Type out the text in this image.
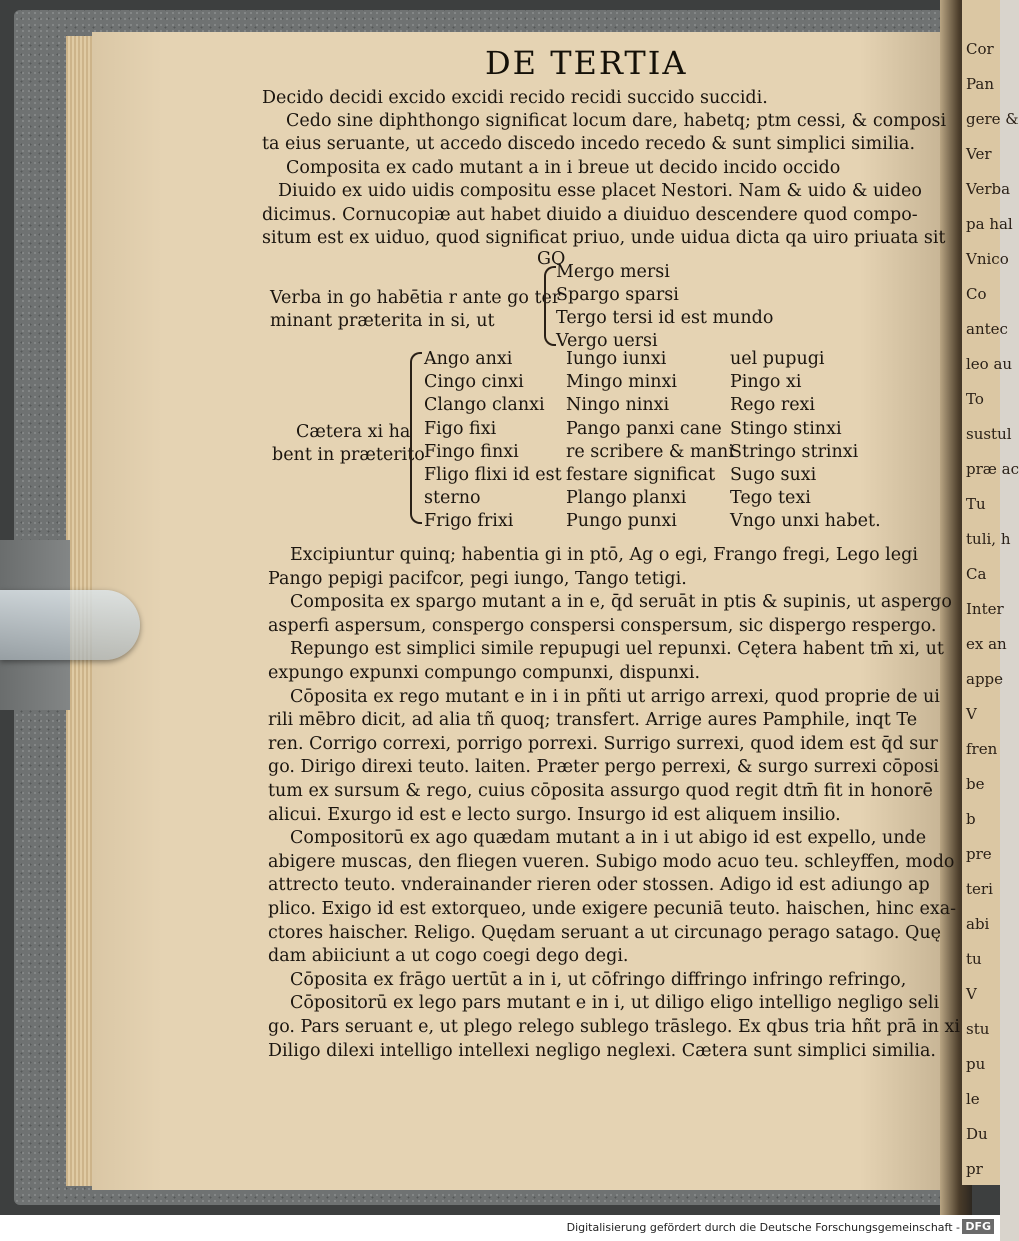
Cor
Pan
gere &
Ver
Verba
pa hal
Vnico
Co
antec
leo au
To
sustul
præ ac
Tu
tuli, h
Ca
Inter
ex an
appe
V
fren
be
b
pre
teri
abi
tu
V
stu
pu
le
Du
pr
DE TERTIA
Decido decidi excido excidi recido recidi succido succidi.
Cedo sine diphthongo significat locum dare, habetq; ptm cessi, & composi
ta eius seruante, ut accedo discedo incedo recedo & sunt simplici similia.
Composita ex cado mutant a in i breue ut decido incido occido
Diuido ex uido uidis compositu esse placet Nestori. Nam & uido & uideo
dicimus. Cornucopiæ aut habet diuido a diuiduo descendere quod compo-
situm est ex uiduo, quod significat priuo, unde uidua dicta qa uiro priuata sit
GO
Verba in go habētia r ante go ter
minant præterita in si, ut
Mergo mersi
Spargo sparsi
Tergo tersi id est mundo
Vergo uersi
Cætera xi ha
bent in præterito
Ango anxi
Cingo cinxi
Clango clanxi
Figo fixi
Fingo finxi
Fligo flixi id est
sterno
Frigo frixi
Iungo iunxi
Mingo minxi
Ningo ninxi
Pango panxi cane
re scribere & mani
festare significat
Plango planxi
Pungo punxi
uel pupugi
Pingo xi
Rego rexi
Stingo stinxi
Stringo strinxi
Sugo suxi
Tego texi
Vngo unxi habet.
Excipiuntur quinq; habentia gi in ptō, Ag o egi, Frango fregi, Lego legi
Pango pepigi pacifcor, pegi iungo, Tango tetigi.
Composita ex spargo mutant a in e, q̄d seruāt in ptis & supinis, ut aspergo
asperfi aspersum, conspergo conspersi conspersum, sic dispergo respergo.
Repungo est simplici simile repupugi uel repunxi. Cętera habent tm̄ xi, ut
expungo expunxi compungo compunxi, dispunxi.
Cōposita ex rego mutant e in i in pñti ut arrigo arrexi, quod proprie de ui
rili mēbro dicit, ad alia tñ quoq; transfert. Arrige aures Pamphile, inqt Te
ren. Corrigo correxi, porrigo porrexi. Surrigo surrexi, quod idem est q̄d sur
go. Dirigo direxi teuto. laiten. Præter pergo perrexi, & surgo surrexi cōposi
tum ex sursum & rego, cuius cōposita assurgo quod regit dtm̄ fit in honorē
alicui. Exurgo id est e lecto surgo. Insurgo id est aliquem insilio.
Compositorū ex ago quædam mutant a in i ut abigo id est expello, unde
abigere muscas, den fliegen vueren. Subigo modo acuo teu. schleyffen, modo
attrecto teuto. vnderainander rieren oder stossen. Adigo id est adiungo ap
plico. Exigo id est extorqueo, unde exigere pecuniā teuto. haischen, hinc exa-
ctores haischer. Religo. Quędam seruant a ut circunago perago satago. Quę
dam abiiciunt a ut cogo coegi dego degi.
Cōposita ex frāgo uertūt a in i, ut cōfringo diffringo infringo refringo,
Cōpositorū ex lego pars mutant e in i, ut diligo eligo intelligo negligo seli
go. Pars seruant e, ut plego relego sublego trāslego. Ex qbus tria hñt prā in xi
Diligo dilexi intelligo intellexi negligo neglexi. Cætera sunt simplici similia.
Digitalisierung gefördert durch die Deutsche Forschungsgemeinschaft - DFG
